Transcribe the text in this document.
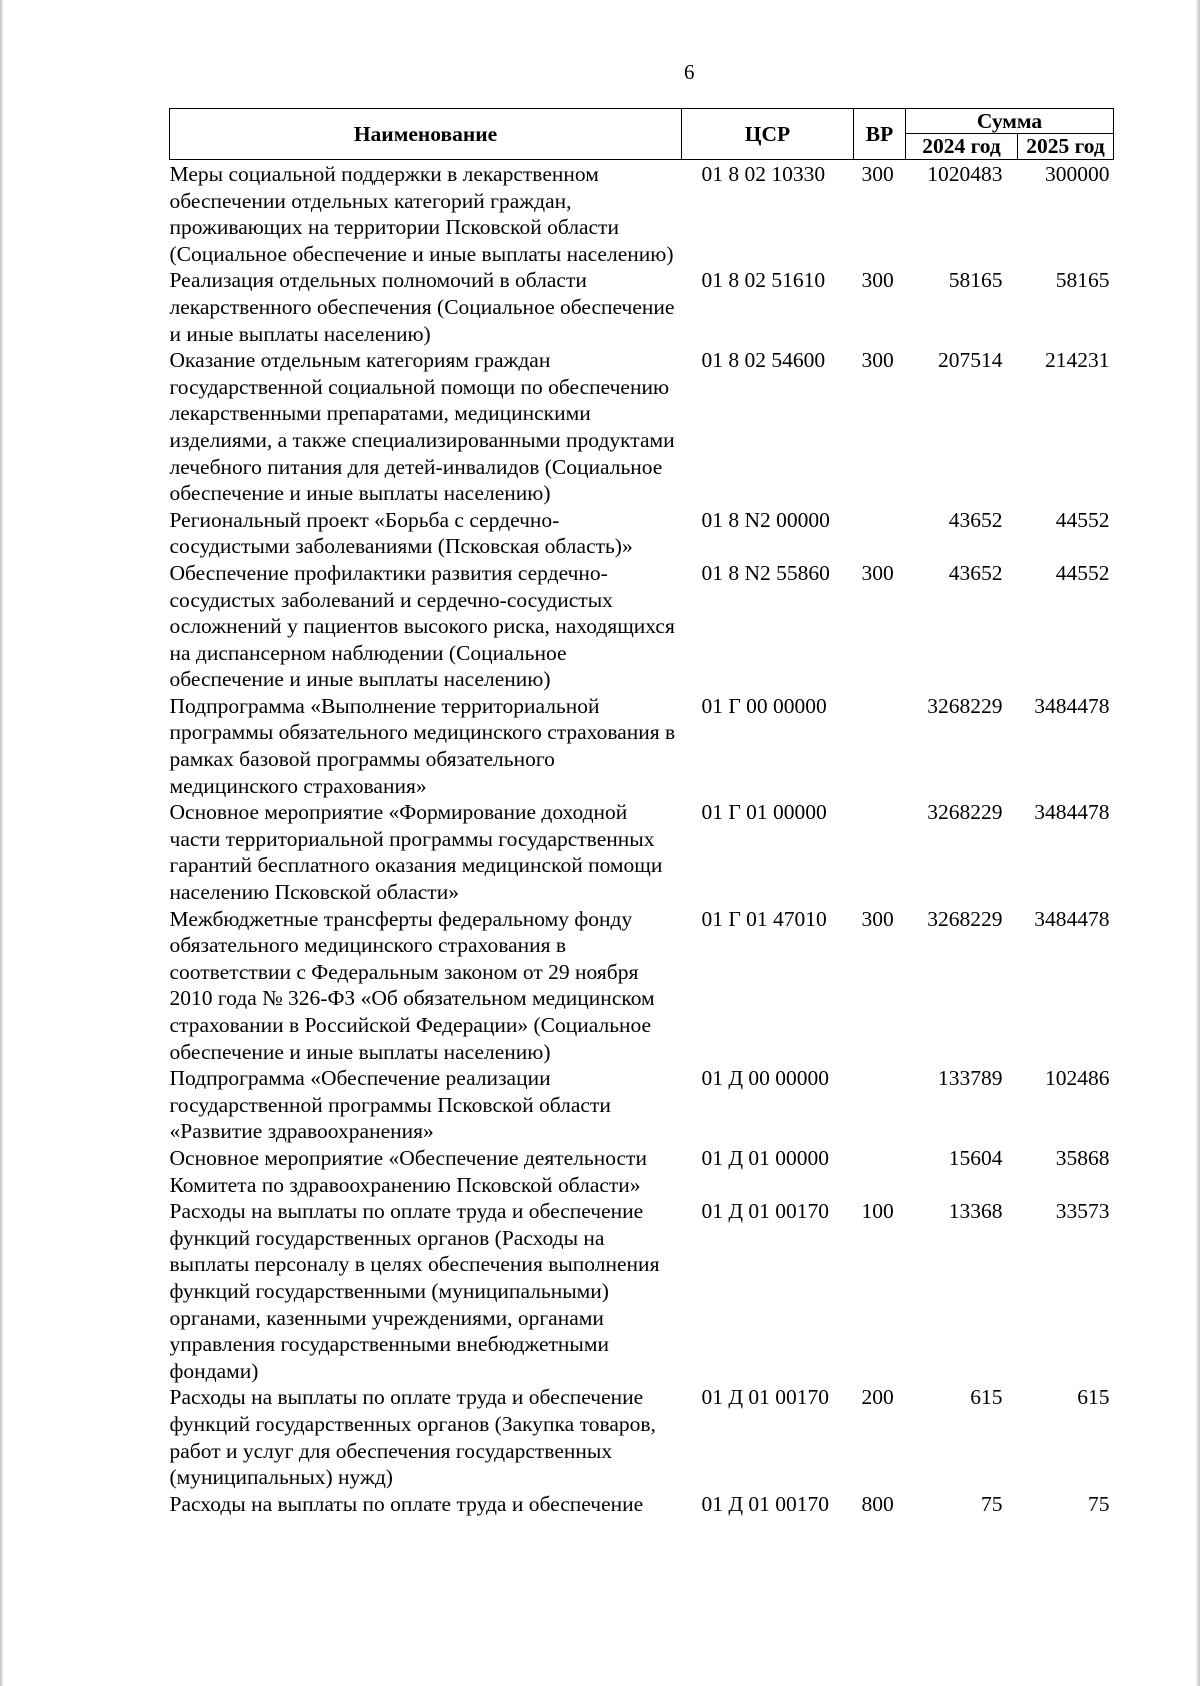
6
Наименование	ЦСР	ВР	Сумма	
			2024 год	2025 год
Меры социальной поддержки в лекарственном обеспечении отдельных категорий граждан, проживающих на территории Псковской области (Социальное обеспечение и иные выплаты населению)	01 8 02 10330	300	1020483	300000
Реализация отдельных полномочий в области лекарственного обеспечения (Социальное обеспечение и иные выплаты населению)	01 8 02 51610	300	58165	58165
Оказание отдельным категориям граждан государственной социальной помощи по обеспечению лекарственными препаратами, медицинскими изделиями, а также специализированными продуктами лечебного питания для детей-инвалидов (Социальное обеспечение и иные выплаты населению)	01 8 02 54600	300	207514	214231
Региональный проект «Борьба с сердечно-сосудистыми заболеваниями (Псковская область)»	01 8 N2 00000		43652	44552
Обеспечение профилактики развития сердечно-сосудистых заболеваний и сердечно-сосудистых осложнений у пациентов высокого риска, находящихся на диспансерном наблюдении (Социальное обеспечение и иные выплаты населению)	01 8 N2 55860	300	43652	44552
Подпрограмма «Выполнение территориальной программы обязательного медицинского страхования в рамках базовой программы обязательного медицинского страхования»	01 Г 00 00000		3268229	3484478
Основное мероприятие «Формирование доходной части территориальной программы государственных гарантий бесплатного оказания медицинской помощи населению Псковской области»	01 Г 01 00000		3268229	3484478
Межбюджетные трансферты федеральному фонду обязательного медицинского страхования в соответствии с Федеральным законом от 29 ноября 2010 года № 326-ФЗ «Об обязательном медицинском страховании в Российской Федерации» (Социальное обеспечение и иные выплаты населению)	01 Г 01 47010	300	3268229	3484478
Подпрограмма «Обеспечение реализации государственной программы Псковской области «Развитие здравоохранения»	01 Д 00 00000		133789	102486
Основное мероприятие «Обеспечение деятельности Комитета по здравоохранению Псковской области»	01 Д 01 00000		15604	35868
Расходы на выплаты по оплате труда и обеспечение функций государственных органов (Расходы на выплаты персоналу в целях обеспечения выполнения функций государственными (муниципальными) органами, казенными учреждениями, органами управления государственными внебюджетными фондами)	01 Д 01 00170	100	13368	33573
Расходы на выплаты по оплате труда и обеспечение функций государственных органов (Закупка товаров, работ и услуг для обеспечения государственных (муниципальных) нужд)	01 Д 01 00170	200	615	615
Расходы на выплаты по оплате труда и обеспечение	01 Д 01 00170	800	75	75
